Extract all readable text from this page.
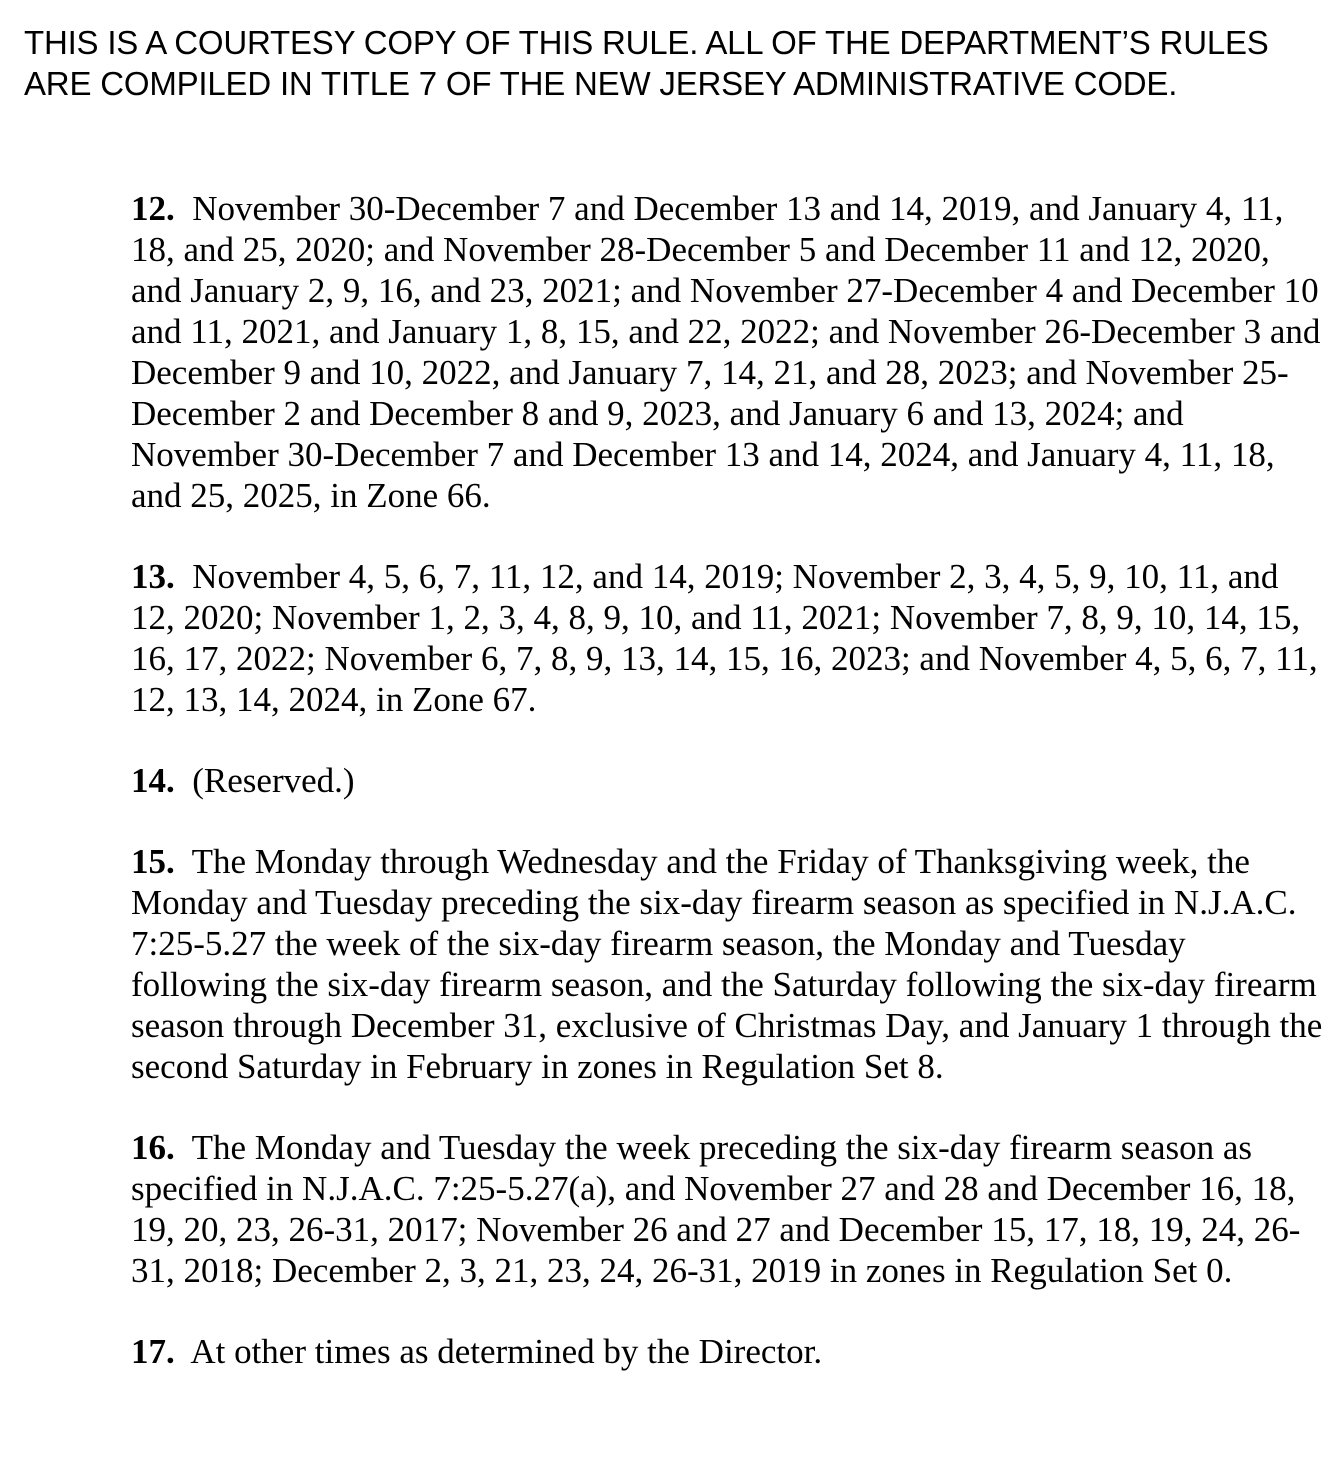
THIS IS A COURTESY COPY OF THIS RULE. ALL OF THE DEPARTMENT’S RULES ARE COMPILED IN TITLE 7 OF THE NEW JERSEY ADMINISTRATIVE CODE.

12. November 30-December 7 and December 13 and 14, 2019, and January 4, 11, 18, and 25, 2020; and November 28-December 5 and December 11 and 12, 2020, and January 2, 9, 16, and 23, 2021; and November 27-December 4 and December 10 and 11, 2021, and January 1, 8, 15, and 22, 2022; and November 26-December 3 and December 9 and 10, 2022, and January 7, 14, 21, and 28, 2023; and November 25-December 2 and December 8 and 9, 2023, and January 6 and 13, 2024; and November 30-December 7 and December 13 and 14, 2024, and January 4, 11, 18, and 25, 2025, in Zone 66.

13. November 4, 5, 6, 7, 11, 12, and 14, 2019; November 2, 3, 4, 5, 9, 10, 11, and 12, 2020; November 1, 2, 3, 4, 8, 9, 10, and 11, 2021; November 7, 8, 9, 10, 14, 15, 16, 17, 2022; November 6, 7, 8, 9, 13, 14, 15, 16, 2023; and November 4, 5, 6, 7, 11, 12, 13, 14, 2024, in Zone 67.

14. (Reserved.)

15. The Monday through Wednesday and the Friday of Thanksgiving week, the Monday and Tuesday preceding the six-day firearm season as specified in N.J.A.C. 7:25-5.27 the week of the six-day firearm season, the Monday and Tuesday following the six-day firearm season, and the Saturday following the six-day firearm season through December 31, exclusive of Christmas Day, and January 1 through the second Saturday in February in zones in Regulation Set 8.

16. The Monday and Tuesday the week preceding the six-day firearm season as specified in N.J.A.C. 7:25-5.27(a), and November 27 and 28 and December 16, 18, 19, 20, 23, 26-31, 2017; November 26 and 27 and December 15, 17, 18, 19, 24, 26-31, 2018; December 2, 3, 21, 23, 24, 26-31, 2019 in zones in Regulation Set 0.

17. At other times as determined by the Director.
